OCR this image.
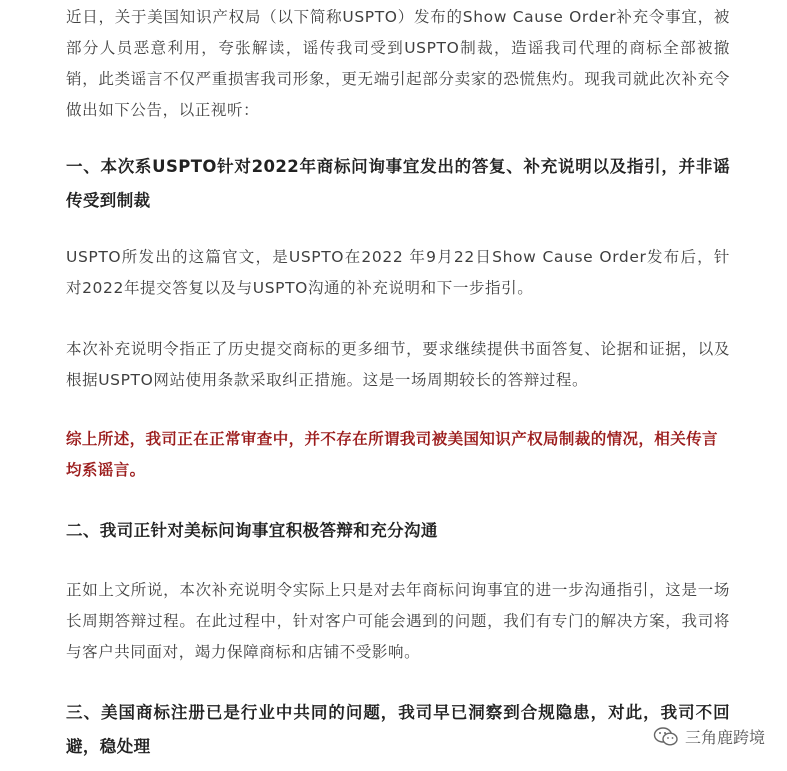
近日，关于美国知识产权局（以下简称USPTO）发布的Show Cause Order补充令事宜，被部分人员恶意利用，夸张解读，谣传我司受到USPTO制裁，造谣我司代理的商标全部被撤销，此类谣言不仅严重损害我司形象，更无端引起部分卖家的恐慌焦灼。现我司就此次补充令做出如下公告，以正视听：

一、本次系USPTO针对2022年商标问询事宜发出的答复、补充说明以及指引，并非谣传受到制裁

USPTO所发出的这篇官文，是USPTO在2022 年9月22日Show Cause Order发布后，针对2022年提交答复以及与USPTO沟通的补充说明和下一步指引。

本次补充说明令指正了历史提交商标的更多细节，要求继续提供书面答复、论据和证据，以及根据USPTO网站使用条款采取纠正措施。这是一场周期较长的答辩过程。

综上所述，我司正在正常审查中，并不存在所谓我司被美国知识产权局制裁的情况，相关传言均系谣言。

二、我司正针对美标问询事宜积极答辩和充分沟通

正如上文所说，本次补充说明令实际上只是对去年商标问询事宜的进一步沟通指引，这是一场长周期答辩过程。在此过程中，针对客户可能会遇到的问题，我们有专门的解决方案，我司将与客户共同面对，竭力保障商标和店铺不受影响。

三、美国商标注册已是行业中共同的问题，我司早已洞察到合规隐患，对此，我司不回避，稳处理	三角鹿跨境
